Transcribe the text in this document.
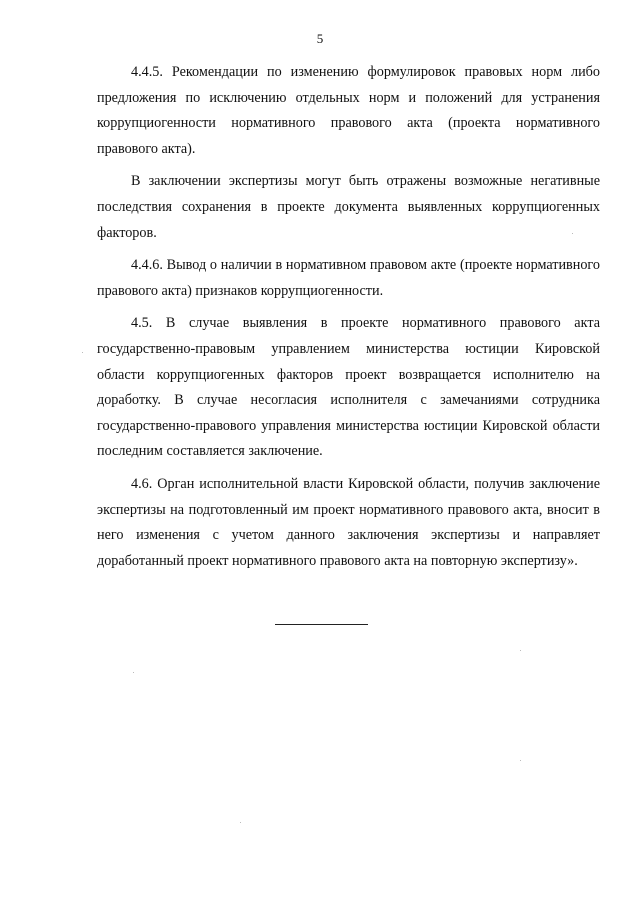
5

4.4.5. Рекомендации по изменению формулировок правовых норм либо предложения по исключению отдельных норм и положений для устранения коррупциогенности нормативного правового акта (проекта нормативного правового акта).

В заключении экспертизы могут быть отражены возможные негативные последствия сохранения в проекте документа выявленных коррупциогенных факторов.

4.4.6. Вывод о наличии в нормативном правовом акте (проекте нормативного правового акта) признаков коррупциогенности.

4.5. В случае выявления в проекте нормативного правового акта государственно-правовым управлением министерства юстиции Кировской области коррупциогенных факторов проект возвращается исполнителю на доработку. В случае несогласия исполнителя с замечаниями сотрудника государственно-правового управления министерства юстиции Кировской области последним составляется заключение.

4.6. Орган исполнительной власти Кировской области, получив заключение экспертизы на подготовленный им проект нормативного правового акта, вносит в него изменения с учетом данного заключения экспертизы и направляет доработанный проект нормативного правового акта на повторную экспертизу».
